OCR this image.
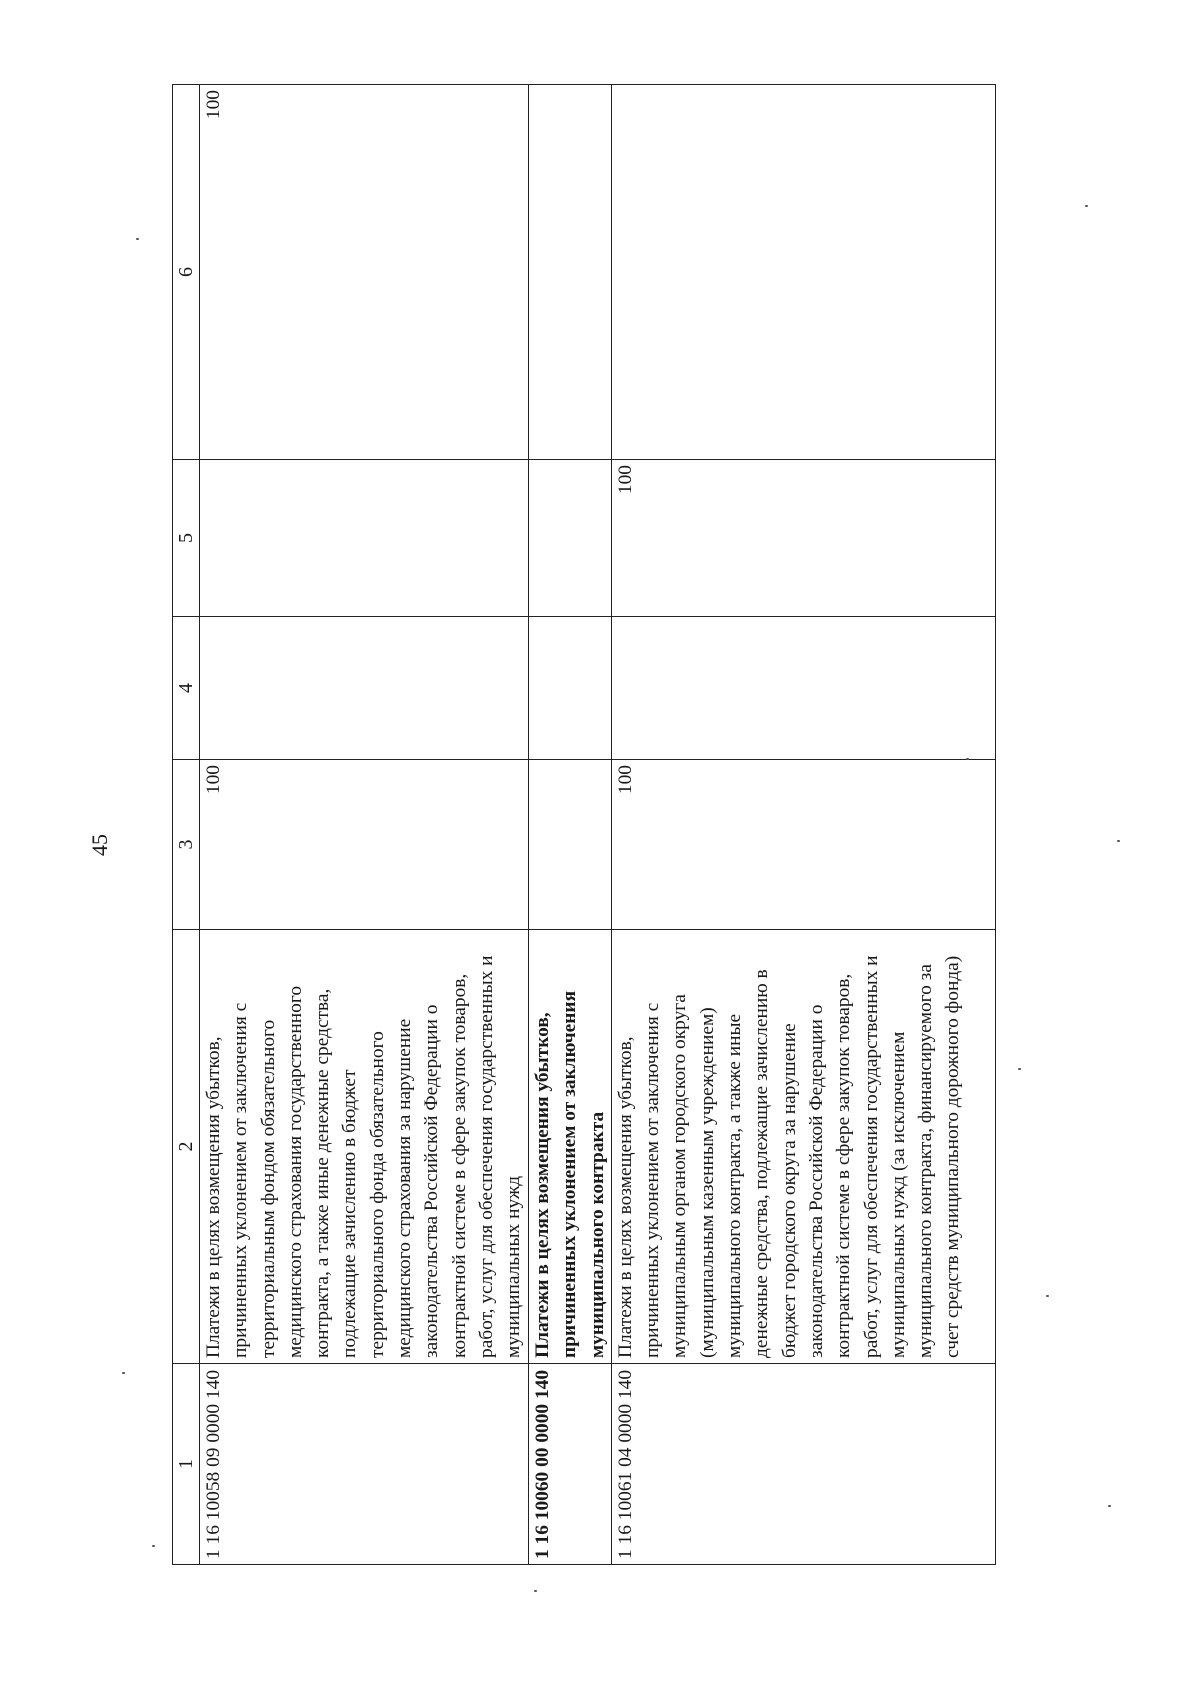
45
1	2	3	4	5	6
1 16 10058 09 0000 140	Платежи в целях возмещения убытков, причиненных уклонением от заключения с территориальным фондом обязательного медицинского страхования государственного контракта, а также иные денежные средства, подлежащие зачислению в бюджет территориального фонда обязательного медицинского страхования за нарушение законодательства Российской Федерации о контрактной системе в сфере закупок товаров, работ, услуг для обеспечения государственных и муниципальных нужд	100			100
1 16 10060 00 0000 140	Платежи в целях возмещения убытков, причиненных уклонением от заключения муниципального контракта				
1 16 10061 04 0000 140	Платежи в целях возмещения убытков, причиненных уклонением от заключения с муниципальным органом городского округа (муниципальным казенным учреждением) муниципального контракта, а также иные денежные средства, подлежащие зачислению в бюджет городского округа за нарушение законодательства Российской Федерации о контрактной системе в сфере закупок товаров, работ, услуг для обеспечения государственных и муниципальных нужд (за исключением муниципального контракта, финансируемого за счет средств муниципального дорожного фонда)	100		100	
